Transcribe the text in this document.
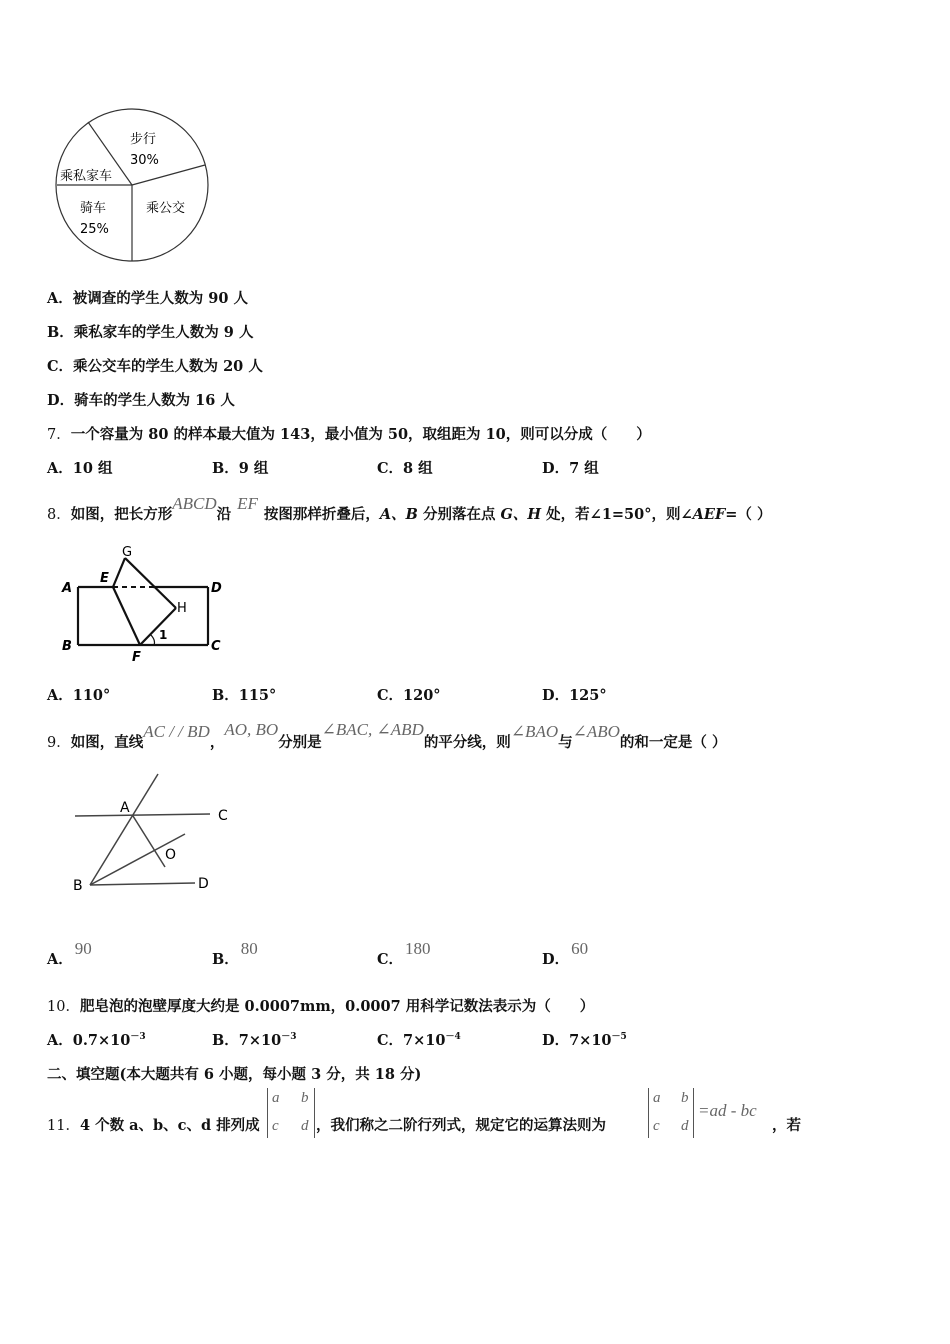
步行
30%
乘私家车
骑车
25%
乘公交
A．被调查的学生人数为 90 人
B．乘私家车的学生人数为 9 人
C．乘公交车的学生人数为 20 人
D．骑车的学生人数为 16 人
7．一个容量为 80 的样本最大值为 143，最小值为 50，取组距为 10，则可以分成（　　）
A．10 组	B．9 组	C．8 组	D．7 组
8．如图，把长方形ABCD沿EF按图那样折叠后，A、B 分别落在点 G、H 处，若∠1=50°，则∠AEF=（ ）
A
E
G
D
H
1
B
F
C
A．110°	B．115°	C．120°	D．125°
9．如图，直线AC / / BD，AO, BO分别是∠BAC, ∠ABD的平分线，则∠BAO与∠ABO的和一定是（ ）
A	C
O
B	D
A．90
B．80
C．180
D．60
10．肥皂泡的泡壁厚度大约是 0.0007mm，0.0007 用科学记数法表示为（　　）
A．$0.7\times 10^{-3}$	B．$7\times 10^{-3}$	C．$7\times 10^{-4}$	D．$7\times 10^{-5}$
二、填空题(本大题共有 6 小题，每小题 3 分，共 18 分)
11．4 个数 a、b、c、d 排列成
a b
c d ，我们称之二阶行列式，规定它的运算法则为
a b
c d
=ad - bc
，若
